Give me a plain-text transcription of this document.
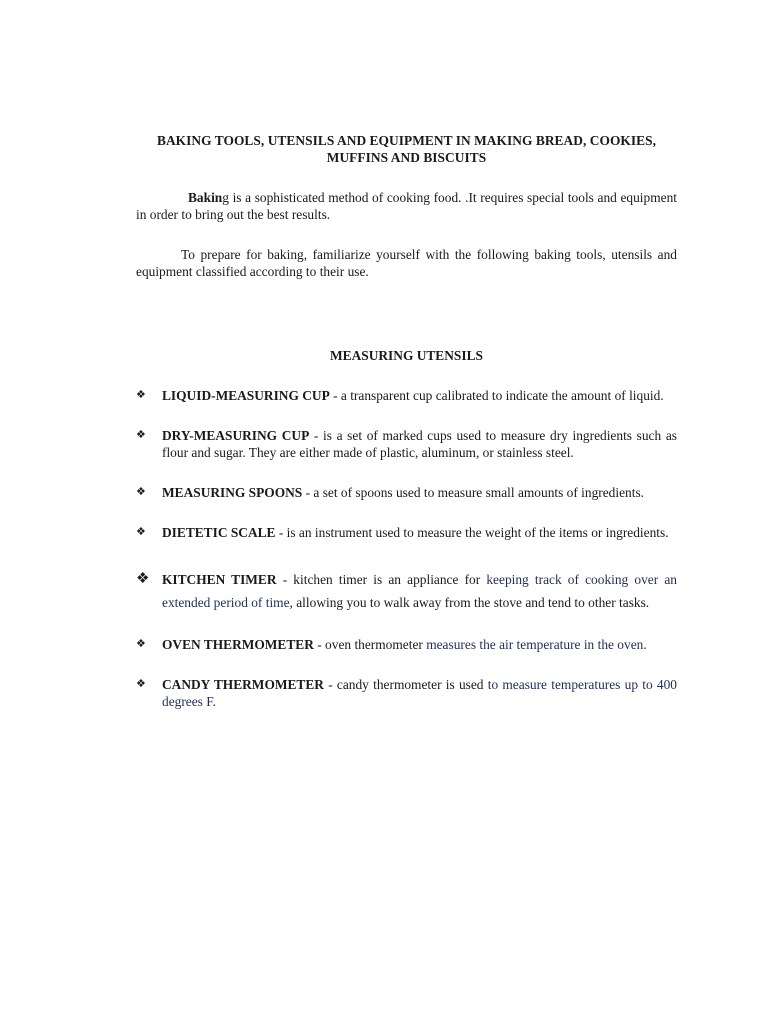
BAKING TOOLS, UTENSILS AND EQUIPMENT IN MAKING BREAD, COOKIES, MUFFINS AND BISCUITS

Baking is a sophisticated method of cooking food. .It requires special tools and equipment in order to bring out the best results.

To prepare for baking, familiarize yourself with the following baking tools, utensils and equipment classified according to their use.

MEASURING UTENSILS
❖ LIQUID-MEASURING CUP - a transparent cup calibrated to indicate the amount of liquid.
❖ DRY-MEASURING CUP - is a set of marked cups used to measure dry ingredients such as flour and sugar. They are either made of plastic, aluminum, or stainless steel.
❖ MEASURING SPOONS - a set of spoons used to measure small amounts of ingredients.
❖ DIETETIC SCALE - is an instrument used to measure the weight of the items or ingredients.
❖ KITCHEN TIMER - kitchen timer is an appliance for keeping track of cooking over an extended period of time, allowing you to walk away from the stove and tend to other tasks.
❖ OVEN THERMOMETER - oven thermometer measures the air temperature in the oven.
❖ CANDY THERMOMETER - candy thermometer is used to measure temperatures up to 400 degrees F.
